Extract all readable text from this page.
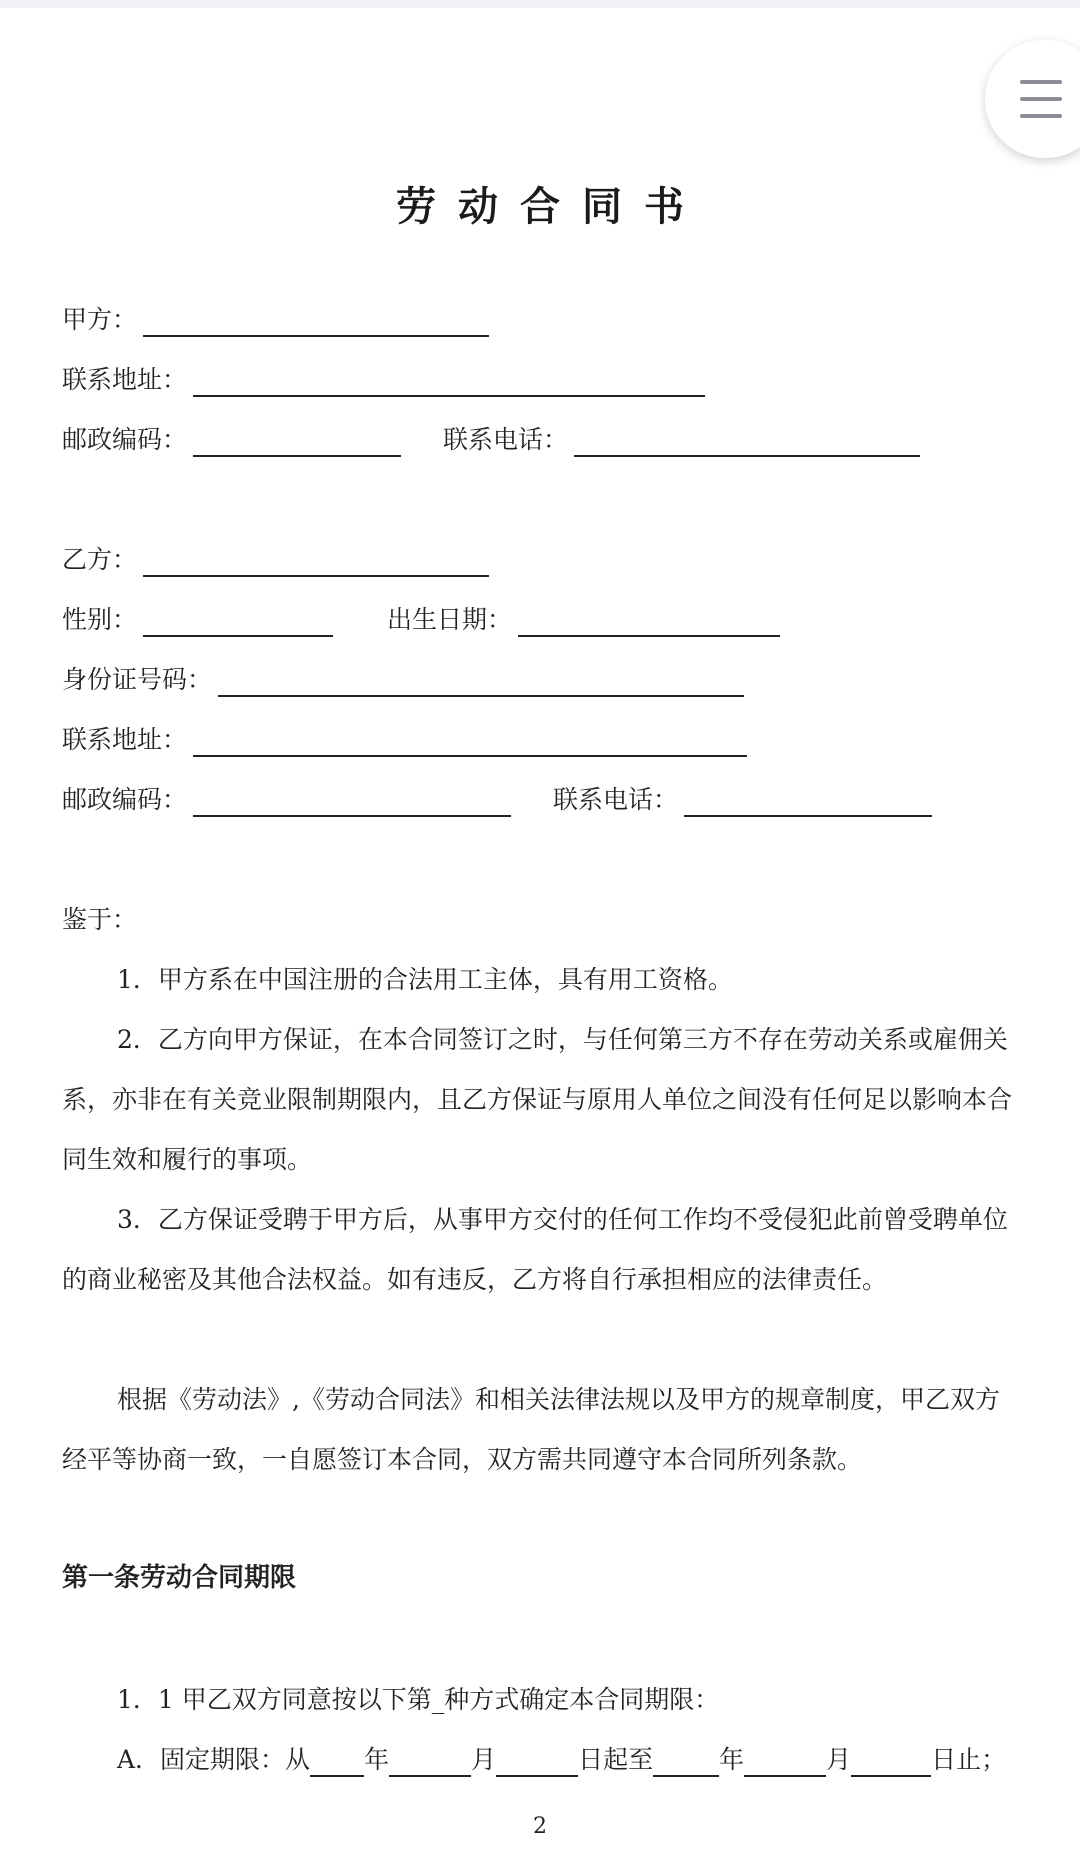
劳动合同书
甲方：
联系地址：
邮政编码：	联系电话：
乙方：
性别：	出生日期：
身份证号码：
联系地址：
邮政编码：	联系电话：
鉴于：
1．甲方系在中国注册的合法用工主体，具有用工资格。
2．乙方向甲方保证，在本合同签订之时，与任何第三方不存在劳动关系或雇佣关系，亦非在有关竞业限制期限内，且乙方保证与原用人单位之间没有任何足以影响本合同生效和履行的事项。
3．乙方保证受聘于甲方后，从事甲方交付的任何工作均不受侵犯此前曾受聘单位的商业秘密及其他合法权益。如有违反，乙方将自行承担相应的法律责任。
根据《劳动法》,《劳动合同法》和相关法律法规以及甲方的规章制度，甲乙双方经平等协商一致，一自愿签订本合同，双方需共同遵守本合同所列条款。
第一条劳动合同期限
1．1 甲乙双方同意按以下第_种方式确定本合同期限：
A．固定期限：从 年	月	日起至	年	月	日止；
2
